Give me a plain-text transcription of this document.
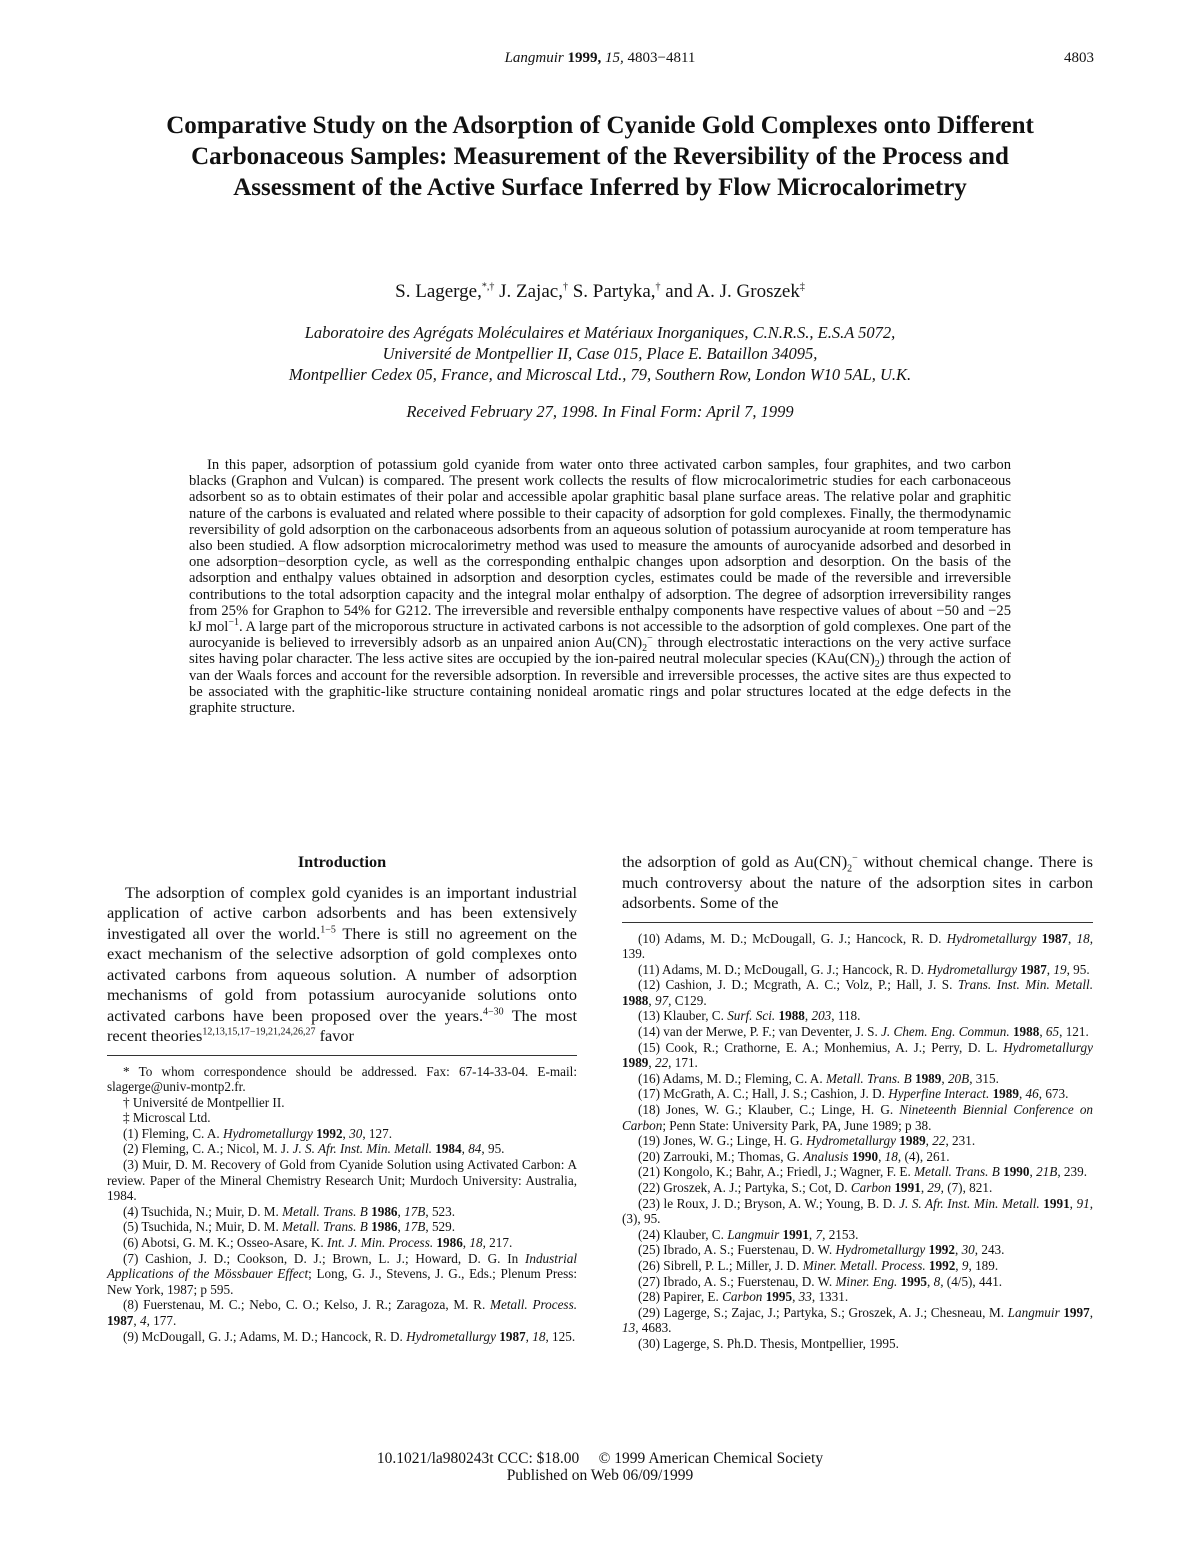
Langmuir 1999, 15, 4803−4811	4803
Comparative Study on the Adsorption of Cyanide Gold Complexes onto Different Carbonaceous Samples: Measurement of the Reversibility of the Process and Assessment of the Active Surface Inferred by Flow Microcalorimetry
S. Lagerge,*,† J. Zajac,† S. Partyka,† and A. J. Groszek‡
Laboratoire des Agrégats Moléculaires et Matériaux Inorganiques, C.N.R.S., E.S.A 5072,
Université de Montpellier II, Case 015, Place E. Bataillon 34095,
Montpellier Cedex 05, France, and Microscal Ltd., 79, Southern Row, London W10 5AL, U.K.
Received February 27, 1998. In Final Form: April 7, 1999
In this paper, adsorption of potassium gold cyanide from water onto three activated carbon samples, four graphites, and two carbon blacks (Graphon and Vulcan) is compared. The present work collects the results of flow microcalorimetric studies for each carbonaceous adsorbent so as to obtain estimates of their polar and accessible apolar graphitic basal plane surface areas. The relative polar and graphitic nature of the carbons is evaluated and related where possible to their capacity of adsorption for gold complexes. Finally, the thermodynamic reversibility of gold adsorption on the carbonaceous adsorbents from an aqueous solution of potassium aurocyanide at room temperature has also been studied. A flow adsorption microcalorimetry method was used to measure the amounts of aurocyanide adsorbed and desorbed in one adsorption−desorption cycle, as well as the corresponding enthalpic changes upon adsorption and desorption. On the basis of the adsorption and enthalpy values obtained in adsorption and desorption cycles, estimates could be made of the reversible and irreversible contributions to the total adsorption capacity and the integral molar enthalpy of adsorption. The degree of adsorption irreversibility ranges from 25% for Graphon to 54% for G212. The irreversible and reversible enthalpy components have respective values of about −50 and −25 kJ mol$^{-1}$. A large part of the microporous structure in activated carbons is not accessible to the adsorption of gold complexes. One part of the aurocyanide is believed to irreversibly adsorb as an unpaired anion $Au(CN)_2^-$ through electrostatic interactions on the very active surface sites having polar character. The less active sites are occupied by the ion-paired neutral molecular species $(KAu(CN)_2)$ through the action of van der Waals forces and account for the reversible adsorption. In reversible and irreversible processes, the active sites are thus expected to be associated with the graphitic-like structure containing nonideal aromatic rings and polar structures located at the edge defects in the graphite structure.
Introduction

The adsorption of complex gold cyanides is an important industrial application of active carbon adsorbents and has been extensively investigated all over the world.$^{1-5}$ There is still no agreement on the exact mechanism of the selective adsorption of gold complexes onto activated carbons from aqueous solution. A number of adsorption mechanisms of gold from potassium aurocyanide solutions onto activated carbons have been proposed over the years.$^{4-30}$ The most recent theories$^{12,13,15,17-19,21,24,26,27}$ favor

* To whom correspondence should be addressed. Fax: 67-14-33-04. E-mail: slagerge@univ-montp2.fr.

† Université de Montpellier II.

‡ Microscal Ltd.

(1) Fleming, C. A. Hydrometallurgy 1992, 30, 127.

(2) Fleming, C. A.; Nicol, M. J. J. S. Afr. Inst. Min. Metall. 1984, 84, 95.

(3) Muir, D. M. Recovery of Gold from Cyanide Solution using Activated Carbon: A review. Paper of the Mineral Chemistry Research Unit; Murdoch University: Australia, 1984.

(4) Tsuchida, N.; Muir, D. M. Metall. Trans. B 1986, 17B, 523.

(5) Tsuchida, N.; Muir, D. M. Metall. Trans. B 1986, 17B, 529.

(6) Abotsi, G. M. K.; Osseo-Asare, K. Int. J. Min. Process. 1986, 18, 217.

(7) Cashion, J. D.; Cookson, D. J.; Brown, L. J.; Howard, D. G. In Industrial Applications of the Mössbauer Effect; Long, G. J., Stevens, J. G., Eds.; Plenum Press: New York, 1987; p 595.

(8) Fuerstenau, M. C.; Nebo, C. O.; Kelso, J. R.; Zaragoza, M. R. Metall. Process. 1987, 4, 177.

(9) McDougall, G. J.; Adams, M. D.; Hancock, R. D. Hydrometallurgy 1987, 18, 125.

the adsorption of gold as $Au(CN)_2^-$ without chemical change. There is much controversy about the nature of the adsorption sites in carbon adsorbents. Some of the

(10) Adams, M. D.; McDougall, G. J.; Hancock, R. D. Hydrometallurgy 1987, 18, 139.

(11) Adams, M. D.; McDougall, G. J.; Hancock, R. D. Hydrometallurgy 1987, 19, 95.

(12) Cashion, J. D.; Mcgrath, A. C.; Volz, P.; Hall, J. S. Trans. Inst. Min. Metall. 1988, 97, C129.

(13) Klauber, C. Surf. Sci. 1988, 203, 118.

(14) van der Merwe, P. F.; van Deventer, J. S. J. Chem. Eng. Commun. 1988, 65, 121.

(15) Cook, R.; Crathorne, E. A.; Monhemius, A. J.; Perry, D. L. Hydrometallurgy 1989, 22, 171.

(16) Adams, M. D.; Fleming, C. A. Metall. Trans. B 1989, 20B, 315.

(17) McGrath, A. C.; Hall, J. S.; Cashion, J. D. Hyperfine Interact. 1989, 46, 673.

(18) Jones, W. G.; Klauber, C.; Linge, H. G. Nineteenth Biennial Conference on Carbon; Penn State: University Park, PA, June 1989; p 38.

(19) Jones, W. G.; Linge, H. G. Hydrometallurgy 1989, 22, 231.

(20) Zarrouki, M.; Thomas, G. Analusis 1990, 18, (4), 261.

(21) Kongolo, K.; Bahr, A.; Friedl, J.; Wagner, F. E. Metall. Trans. B 1990, 21B, 239.

(22) Groszek, A. J.; Partyka, S.; Cot, D. Carbon 1991, 29, (7), 821.

(23) le Roux, J. D.; Bryson, A. W.; Young, B. D. J. S. Afr. Inst. Min. Metall. 1991, 91, (3), 95.

(24) Klauber, C. Langmuir 1991, 7, 2153.

(25) Ibrado, A. S.; Fuerstenau, D. W. Hydrometallurgy 1992, 30, 243.

(26) Sibrell, P. L.; Miller, J. D. Miner. Metall. Process. 1992, 9, 189.

(27) Ibrado, A. S.; Fuerstenau, D. W. Miner. Eng. 1995, 8, (4/5), 441.

(28) Papirer, E. Carbon 1995, 33, 1331.

(29) Lagerge, S.; Zajac, J.; Partyka, S.; Groszek, A. J.; Chesneau, M. Langmuir 1997, 13, 4683.

(30) Lagerge, S. Ph.D. Thesis, Montpellier, 1995.

10.1021/la980243t CCC: $18.00     © 1999 American Chemical Society
Published on Web 06/09/1999
